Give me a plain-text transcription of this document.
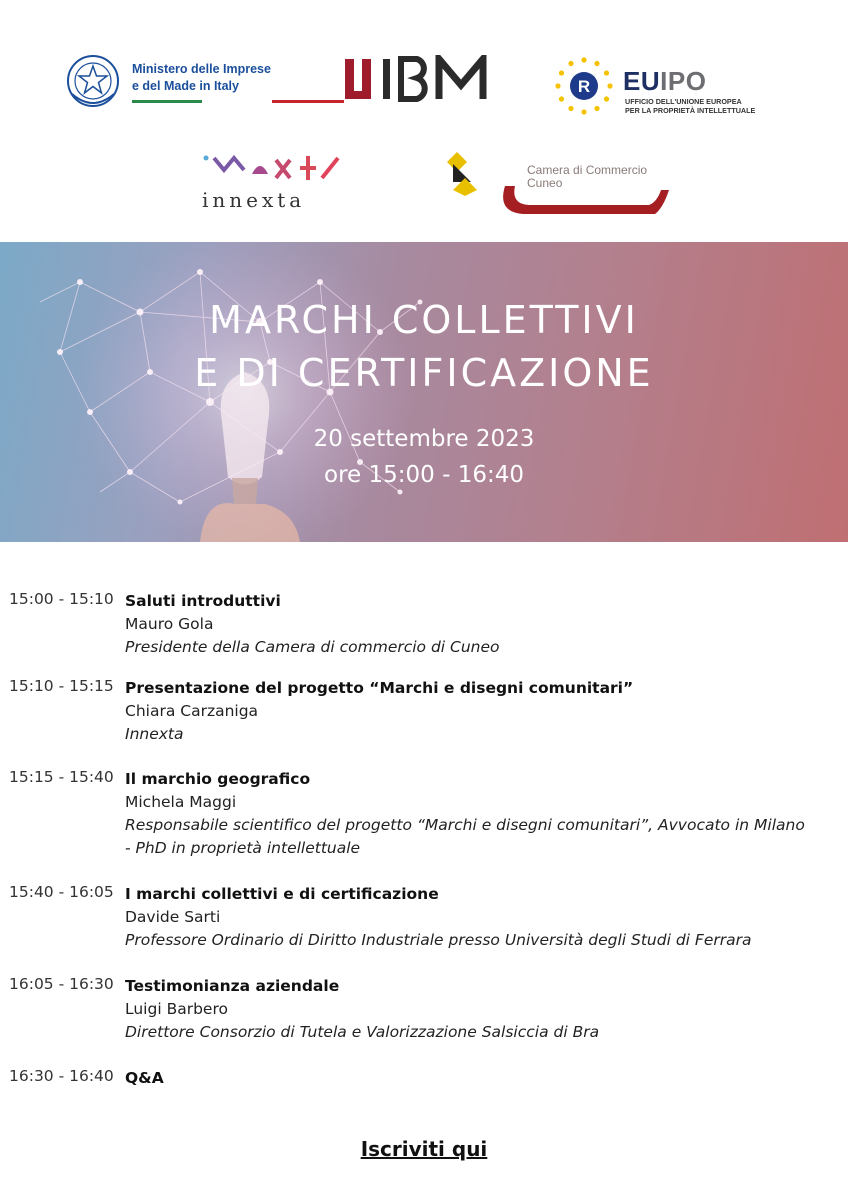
Ministero delle Imprese
e del Made in Italy	R EUIPO
UFFICIO DELL'UNIONE EUROPEA
PER LA PROPRIETÀ INTELLETTUALE
innexta
Camera di Commercio
Cuneo
MARCHI COLLETTIVI
E DI CERTIFICAZIONE
20 settembre 2023
ore 15:00 - 16:40
15:00 - 15:10 Saluti introduttivi
Mauro Gola
Presidente della Camera di commercio di Cuneo
15:10 - 15:15 Presentazione del progetto “Marchi e disegni comunitari”
Chiara Carzaniga
Innexta
15:15 - 15:40 Il marchio geografico
Michela Maggi
Responsabile scientifico del progetto “Marchi e disegni comunitari”, Avvocato in Milano - PhD in proprietà intellettuale
15:40 - 16:05 I marchi collettivi e di certificazione
Davide Sarti
Professore Ordinario di Diritto Industriale presso Università degli Studi di Ferrara
16:05 - 16:30 Testimonianza aziendale
Luigi Barbero
Direttore Consorzio di Tutela e Valorizzazione Salsiccia di Bra
16:30 - 16:40 Q&A
Iscriviti qui
